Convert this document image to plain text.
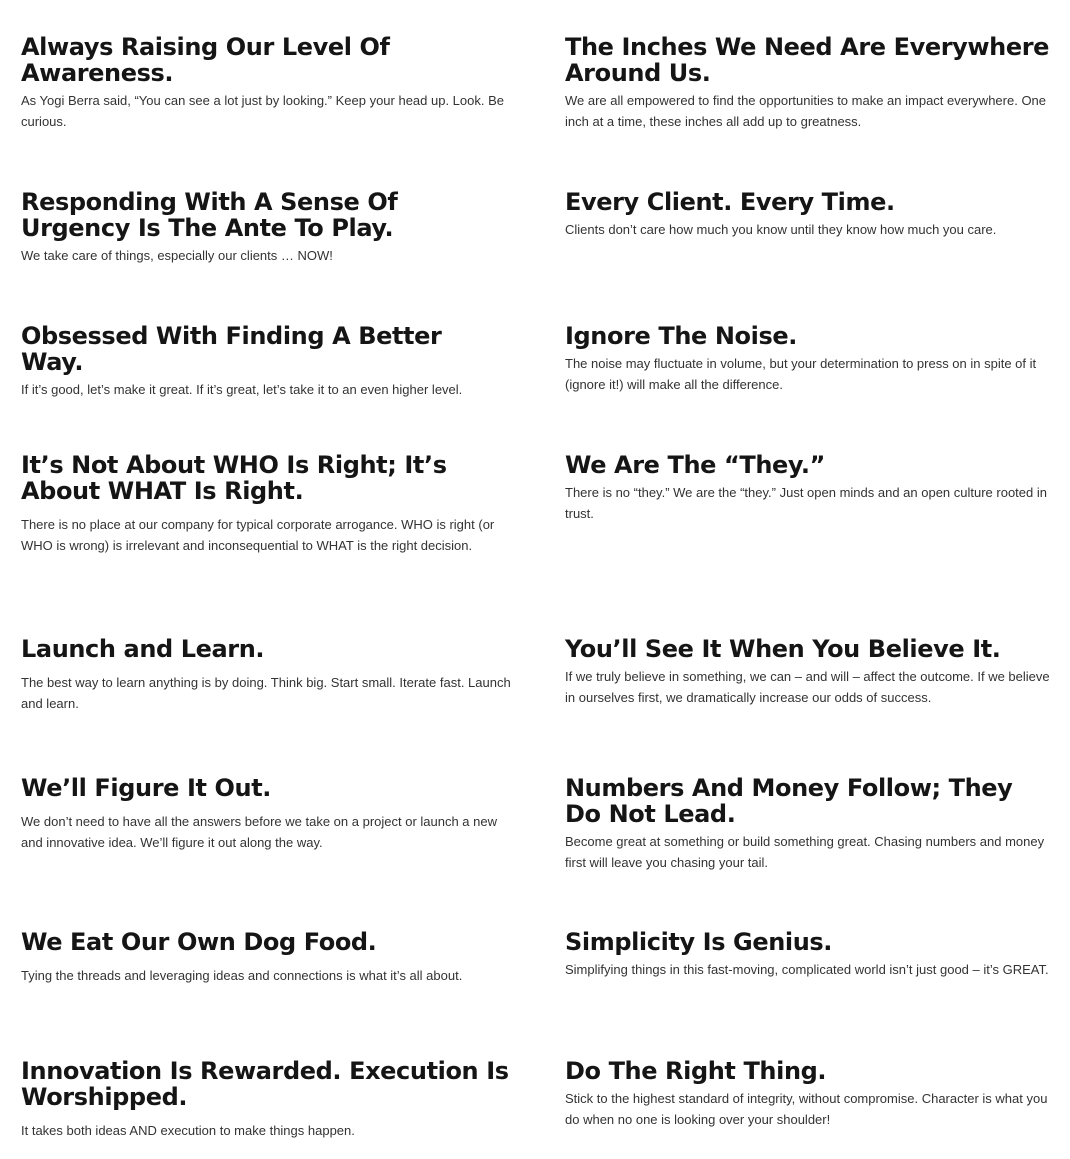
Always Raising Our Level Of Awareness.

As Yogi Berra said, “You can see a lot just by looking.” Keep your head up. Look. Be curious.

The Inches We Need Are Everywhere Around Us.

We are all empowered to find the opportunities to make an impact everywhere. One inch at a time, these inches all add up to greatness.

Responding With A Sense Of Urgency Is The Ante To Play.

We take care of things, especially our clients … NOW!

Every Client. Every Time.

Clients don’t care how much you know until they know how much you care.

Obsessed With Finding A Better Way.

If it’s good, let’s make it great. If it’s great, let’s take it to an even higher level.

Ignore The Noise.

The noise may fluctuate in volume, but your determination to press on in spite of it (ignore it!) will make all the difference.

It’s Not About WHO Is Right; It’s About WHAT Is Right.

There is no place at our company for typical corporate arrogance. WHO is right (or WHO is wrong) is irrelevant and inconsequential to WHAT is the right decision.

We Are The “They.”

There is no “they.” We are the “they.” Just open minds and an open culture rooted in trust.

Launch and Learn.

The best way to learn anything is by doing. Think big. Start small. Iterate fast. Launch and learn.

You’ll See It When You Believe It.

If we truly believe in something, we can – and will – affect the outcome. If we believe in ourselves first, we dramatically increase our odds of success.

We’ll Figure It Out.

We don’t need to have all the answers before we take on a project or launch a new and innovative idea. We’ll figure it out along the way.

Numbers And Money Follow; They Do Not Lead.

Become great at something or build something great. Chasing numbers and money first will leave you chasing your tail.

We Eat Our Own Dog Food.

Tying the threads and leveraging ideas and connections is what it’s all about.

Simplicity Is Genius.

Simplifying things in this fast-moving, complicated world isn’t just good – it’s GREAT.

Innovation Is Rewarded. Execution Is Worshipped.

It takes both ideas AND execution to make things happen.

Do The Right Thing.

Stick to the highest standard of integrity, without compromise. Character is what you do when no one is looking over your shoulder!
